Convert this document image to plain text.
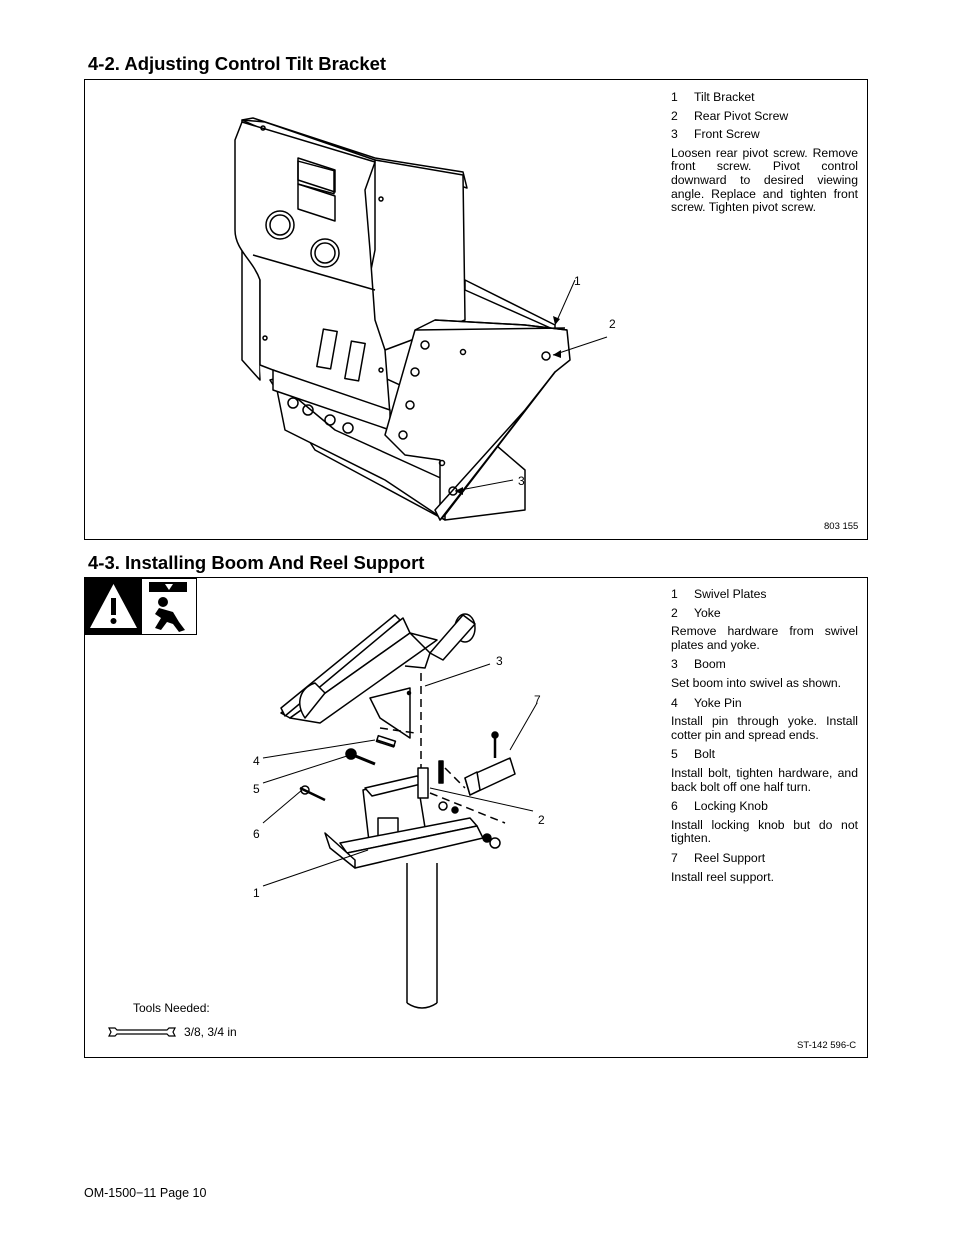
4-2. Adjusting Control Tilt Bracket
1
2
3
1	Tilt Bracket
2	Rear Pivot Screw
3	Front Screw
Loosen rear pivot screw. Remove front screw. Pivot control downward to desired viewing angle. Replace and tighten front screw. Tighten pivot screw.
803 155
4-3. Installing Boom And Reel Support
3
7
4
5
2
6
1
1	Swivel Plates
2	Yoke
Remove hardware from swivel plates and yoke.
3	Boom
Set boom into swivel as shown.
4	Yoke Pin
Install pin through yoke. Install cotter pin and spread ends.
5	Bolt
Install bolt, tighten hardware, and back bolt off one half turn.
6	Locking Knob
Install locking knob but do not tighten.
7	Reel Support
Install reel support.
Tools Needed:
3/8, 3/4 in
ST-142 596-C
OM-1500−11 Page 10
